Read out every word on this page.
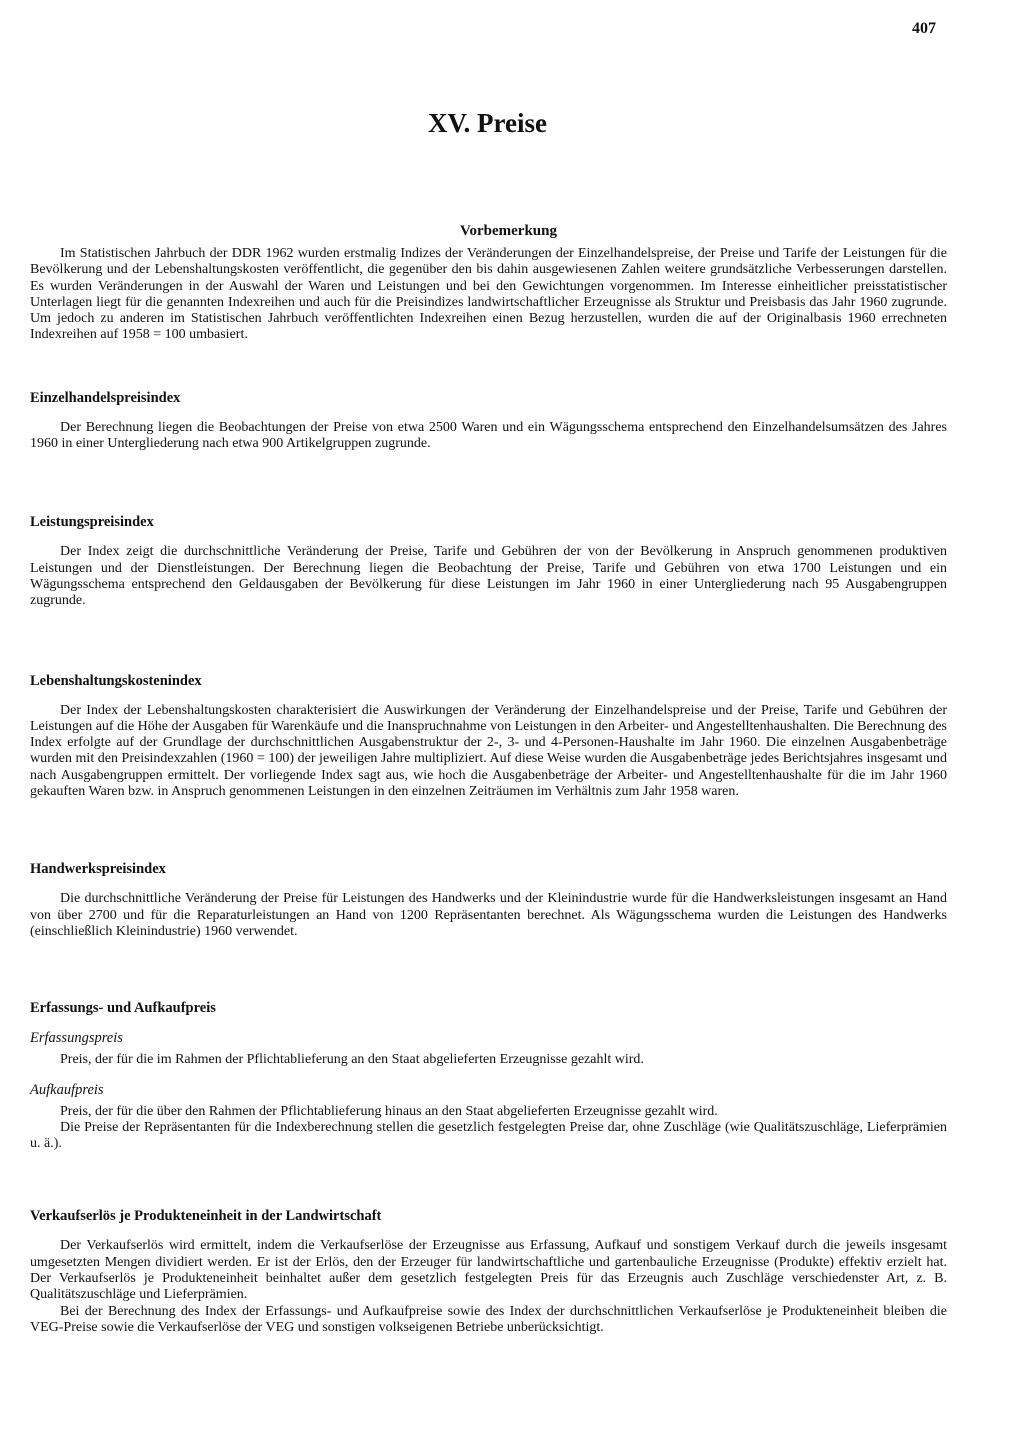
407
XV. Preise
Vorbemerkung

Im Statistischen Jahrbuch der DDR 1962 wurden erstmalig Indizes der Veränderungen der Einzelhandelspreise, der Preise und Tarife der Leistungen für die Bevölkerung und der Lebenshaltungskosten veröffentlicht, die gegenüber den bis dahin ausgewiesenen Zahlen weitere grundsätzliche Verbesserungen darstellen. Es wurden Veränderungen in der Auswahl der Waren und Leistungen und bei den Gewichtungen vorgenommen. Im Interesse einheitlicher preisstatistischer Unterlagen liegt für die genannten Indexreihen und auch für die Preisindizes landwirtschaftlicher Erzeugnisse als Struktur und Preisbasis das Jahr 1960 zugrunde. Um jedoch zu anderen im Statistischen Jahrbuch veröffentlichten Indexreihen einen Bezug herzustellen, wurden die auf der Originalbasis 1960 errechneten Indexreihen auf 1958 = 100 umbasiert.

Einzelhandelspreisindex

Der Berechnung liegen die Beobachtungen der Preise von etwa 2500 Waren und ein Wägungsschema entsprechend den Einzelhandelsumsätzen des Jahres 1960 in einer Untergliederung nach etwa 900 Artikelgruppen zugrunde.

Leistungspreisindex

Der Index zeigt die durchschnittliche Veränderung der Preise, Tarife und Gebühren der von der Bevölkerung in Anspruch genommenen produktiven Leistungen und der Dienstleistungen. Der Berechnung liegen die Beobachtung der Preise, Tarife und Gebühren von etwa 1700 Leistungen und ein Wägungsschema entsprechend den Geldausgaben der Bevölkerung für diese Leistungen im Jahr 1960 in einer Untergliederung nach 95 Ausgabengruppen zugrunde.

Lebenshaltungskostenindex

Der Index der Lebenshaltungskosten charakterisiert die Auswirkungen der Veränderung der Einzelhandelspreise und der Preise, Tarife und Gebühren der Leistungen auf die Höhe der Ausgaben für Warenkäufe und die Inanspruchnahme von Leistungen in den Arbeiter- und Angestelltenhaushalten. Die Berechnung des Index erfolgte auf der Grundlage der durchschnittlichen Ausgabenstruktur der 2-, 3- und 4-Personen-Haushalte im Jahr 1960. Die einzelnen Ausgabenbeträge wurden mit den Preisindexzahlen (1960 = 100) der jeweiligen Jahre multipliziert. Auf diese Weise wurden die Ausgabenbeträge jedes Berichtsjahres insgesamt und nach Ausgabengruppen ermittelt. Der vorliegende Index sagt aus, wie hoch die Ausgabenbeträge der Arbeiter- und Angestelltenhaushalte für die im Jahr 1960 gekauften Waren bzw. in Anspruch genommenen Leistungen in den einzelnen Zeiträumen im Verhältnis zum Jahr 1958 waren.

Handwerkspreisindex

Die durchschnittliche Veränderung der Preise für Leistungen des Handwerks und der Kleinindustrie wurde für die Handwerksleistungen insgesamt an Hand von über 2700 und für die Reparaturleistungen an Hand von 1200 Repräsentanten berechnet. Als Wägungsschema wurden die Leistungen des Handwerks (einschließlich Kleinindustrie) 1960 verwendet.

Erfassungs- und Aufkaufpreis
Erfassungspreis

Preis, der für die im Rahmen der Pflichtablieferung an den Staat abgelieferten Erzeugnisse gezahlt wird.

Aufkaufpreis

Preis, der für die über den Rahmen der Pflichtablieferung hinaus an den Staat abgelieferten Erzeugnisse gezahlt wird.

Die Preise der Repräsentanten für die Indexberechnung stellen die gesetzlich festgelegten Preise dar, ohne Zuschläge (wie Qualitätszuschläge, Lieferprämien u. ä.).

Verkaufserlös je Produkteneinheit in der Landwirtschaft

Der Verkaufserlös wird ermittelt, indem die Verkaufserlöse der Erzeugnisse aus Erfassung, Aufkauf und sonstigem Verkauf durch die jeweils insgesamt umgesetzten Mengen dividiert werden. Er ist der Erlös, den der Erzeuger für landwirtschaftliche und gartenbauliche Erzeugnisse (Produkte) effektiv erzielt hat. Der Verkaufserlös je Produkteneinheit beinhaltet außer dem gesetzlich festgelegten Preis für das Erzeugnis auch Zuschläge verschiedenster Art, z. B. Qualitätszuschläge und Lieferprämien.

Bei der Berechnung des Index der Erfassungs- und Aufkaufpreise sowie des Index der durchschnittlichen Verkaufserlöse je Produkteneinheit bleiben die VEG-Preise sowie die Verkaufserlöse der VEG und sonstigen volkseigenen Betriebe unberücksichtigt.
